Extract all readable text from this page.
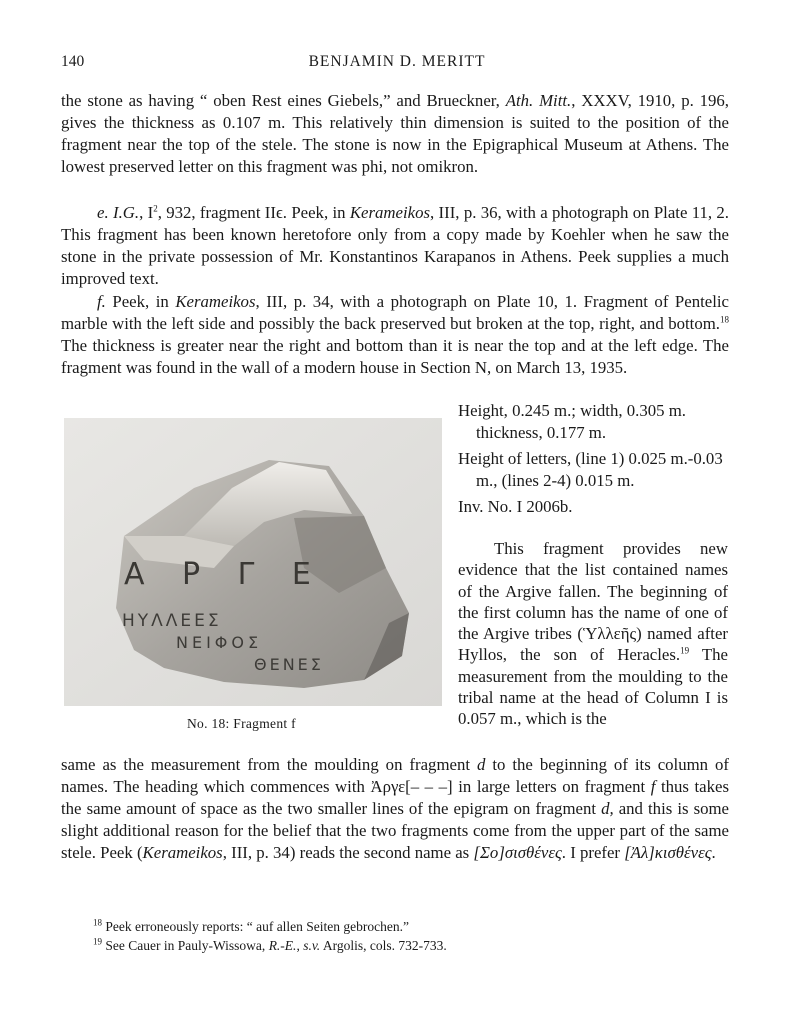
140	BENJAMIN D. MERITT

the stone as having “ oben Rest eines Giebels,” and Brueckner, Ath. Mitt., XXXV, 1910, p. 196, gives the thickness as 0.107 m. This relatively thin dimension is suited to the position of the fragment near the top of the stele. The stone is now in the Epigraphical Museum at Athens. The lowest preserved letter on this fragment was phi, not omikron.

e. I.G., $I^2$, 932, fragment IIϵ. Peek, in Kerameikos, III, p. 36, with a photograph on Plate 11, 2. This fragment has been known heretofore only from a copy made by Koehler when he saw the stone in the private possession of Mr. Konstantinos Karapanos in Athens. Peek supplies a much improved text.

f. Peek, in Kerameikos, III, p. 34, with a photograph on Plate 10, 1. Fragment of Pentelic marble with the left side and possibly the back preserved but broken at the top, right, and bottom.$^{18}$ The thickness is greater near the right and bottom than it is near the top and at the left edge. The fragment was found in the wall of a modern house in Section N, on March 13, 1935.

Α Ρ Γ Ε
ΗΥΛΛΕΕΣ
ΝΕΙΦΟΣ
ΘΕΝΕΣ
No. 18: Fragment f

Height, 0.245 m.; width, 0.305 m. thickness, 0.177 m.

Height of letters, (line 1) 0.025 m.-0.03 m., (lines 2-4) 0.015 m.

Inv. No. I 2006b.

This fragment provides new evidence that the list contained names of the Argive fallen. The beginning of the first column has the name of one of the Argive tribes (Ὑλλεῆς) named after Hyllos, the son of Heracles.$^{19}$ The measurement from the moulding to the tribal name at the head of Column I is 0.057 m., which is the

same as the measurement from the moulding on fragment d to the beginning of its column of names. The heading which commences with Ἀργε[– – –] in large letters on fragment f thus takes the same amount of space as the two smaller lines of the epigram on fragment d, and this is some slight additional reason for the belief that the two fragments come from the upper part of the same stele. Peek (Kerameikos, III, p. 34) reads the second name as [Σο]σισθένες. I prefer [Ἀλ]κισθένες.

$^{18}$ Peek erroneously reports: “ auf allen Seiten gebrochen.”

$^{19}$ See Cauer in Pauly-Wissowa, R.-E., s.v. Argolis, cols. 732-733.
